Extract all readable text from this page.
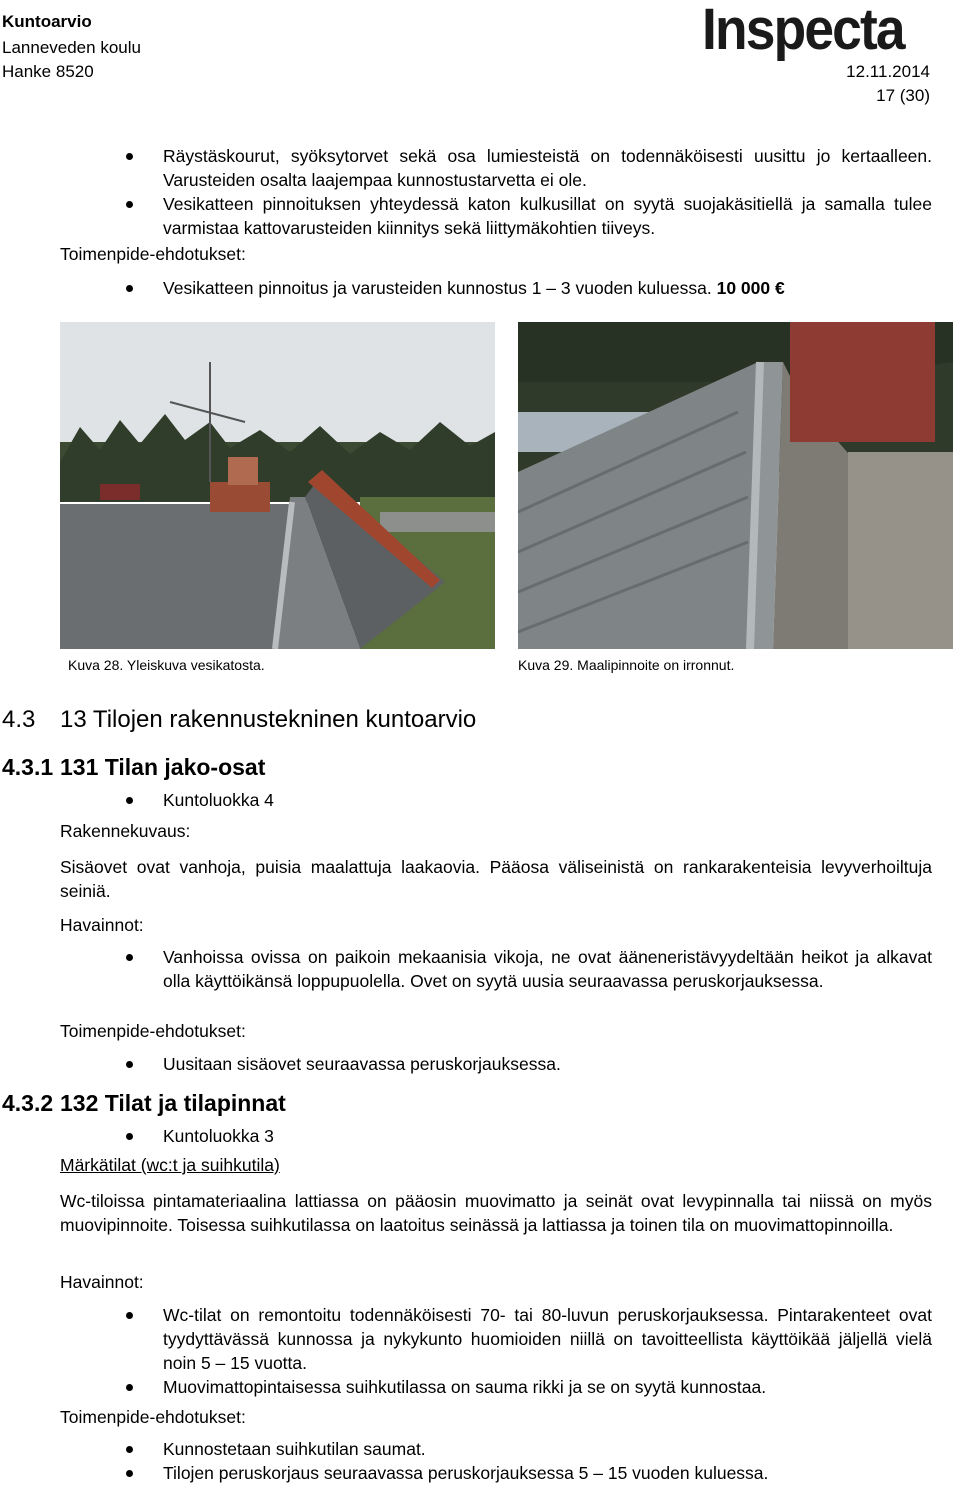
Kuntoarvio
Lanneveden koulu
Hanke 8520
Inspecta
12.11.2014
17 (30)
Räystäskourut, syöksytorvet sekä osa lumiesteistä on todennäköisesti uusittu jo kertaalleen. Varusteiden osalta laajempaa kunnostustarvetta ei ole.
Vesikatteen pinnoituksen yhteydessä katon kulkusillat on syytä suojakäsitiellä ja samalla tulee varmistaa kattovarusteiden kiinnitys sekä liittymäkohtien tiiveys.
Toimenpide-ehdotukset:
Vesikatteen pinnoitus ja varusteiden kunnostus 1 – 3 vuoden kuluessa. 10 000 €
Kuva 28. Yleiskuva vesikatosta.	Kuva 29. Maalipinnoite on irronnut.
4.3 13 Tilojen rakennustekninen kuntoarvio
4.3.1 131 Tilan jako-osat
Kuntoluokka 4
Rakennekuvaus:
Sisäovet ovat vanhoja, puisia maalattuja laakaovia. Pääosa väliseinistä on rankarakenteisia levyverhoiltuja seiniä.
Havainnot:
Vanhoissa ovissa on paikoin mekaanisia vikoja, ne ovat ääneneristävyydeltään heikot ja alkavat olla käyttöikänsä loppupuolella. Ovet on syytä uusia seuraavassa peruskorjauksessa.
Toimenpide-ehdotukset:
Uusitaan sisäovet seuraavassa peruskorjauksessa.
4.3.2 132 Tilat ja tilapinnat
Kuntoluokka 3
Märkätilat (wc:t ja suihkutila)
Wc-tiloissa pintamateriaalina lattiassa on pääosin muovimatto ja seinät ovat levypinnalla tai niissä on myös muovipinnoite. Toisessa suihkutilassa on laatoitus seinässä ja lattiassa ja toinen tila on muovimattopinnoilla.
Havainnot:
Wc-tilat on remontoitu todennäköisesti 70- tai 80-luvun peruskorjauksessa. Pintarakenteet ovat tyydyttävässä kunnossa ja nykykunto huomioiden niillä on tavoitteellista käyttöikää jäljellä vielä noin 5 – 15 vuotta.
Muovimattopintaisessa suihkutilassa on sauma rikki ja se on syytä kunnostaa.
Toimenpide-ehdotukset:
Kunnostetaan suihkutilan saumat.
Tilojen peruskorjaus seuraavassa peruskorjauksessa 5 – 15 vuoden kuluessa.
